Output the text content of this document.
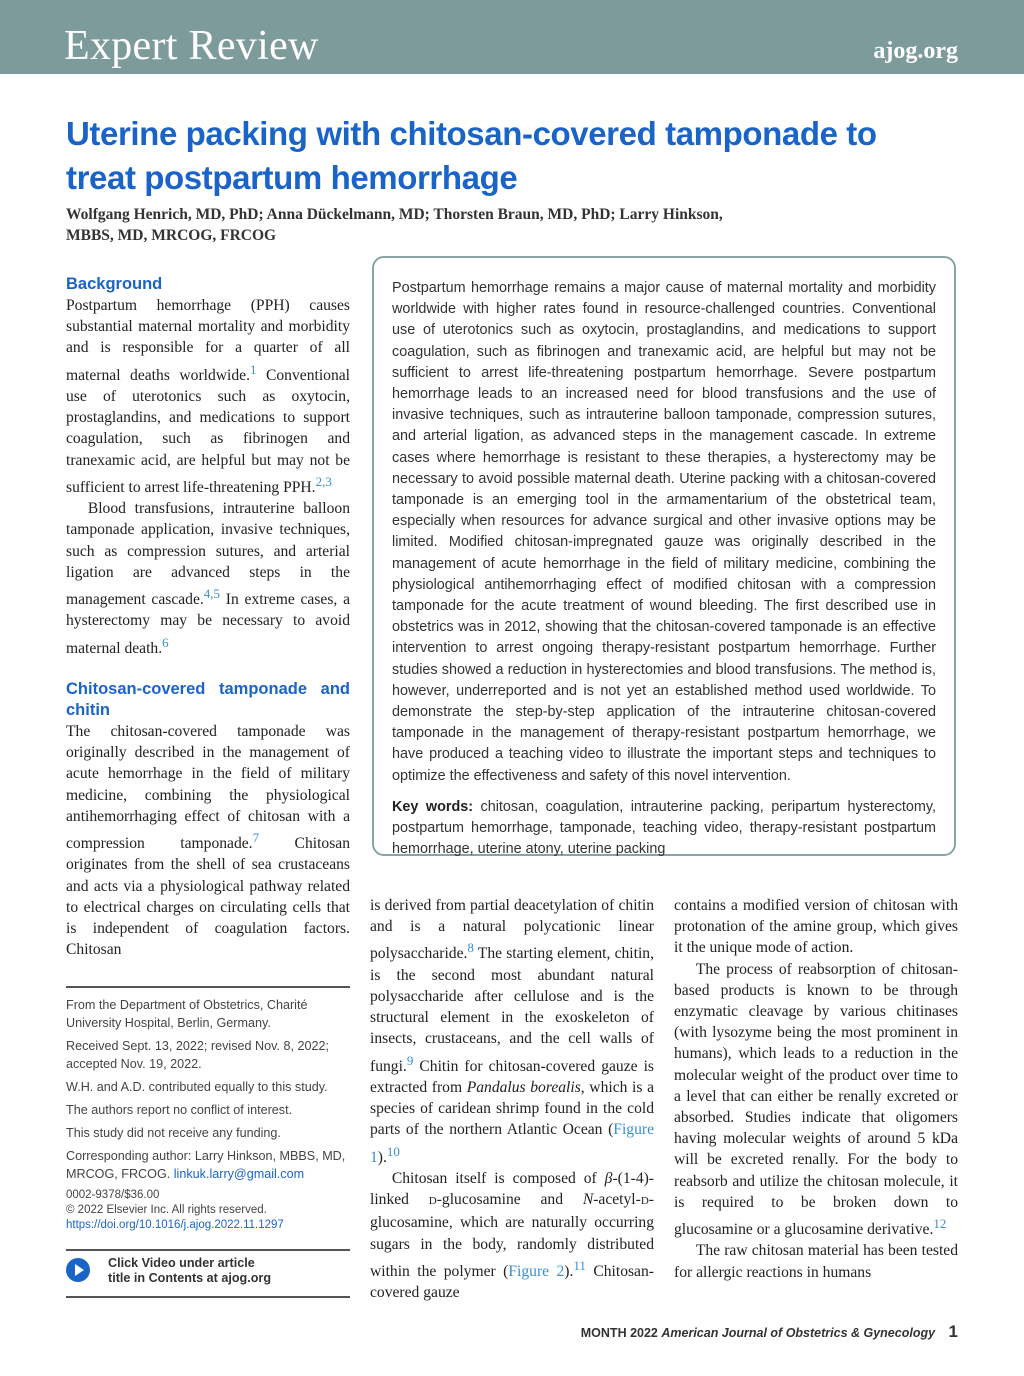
Expert Review	ajog.org
Uterine packing with chitosan-covered tamponade to treat postpartum hemorrhage

Wolfgang Henrich, MD, PhD; Anna Dückelmann, MD; Thorsten Braun, MD, PhD; Larry Hinkson, MBBS, MD, MRCOG, FRCOG

Background

Postpartum hemorrhage (PPH) causes substantial maternal mortality and morbidity and is responsible for a quarter of all maternal deaths worldwide.$^1$ Conventional use of uterotonics such as oxytocin, prostaglandins, and medications to support coagulation, such as fibrinogen and tranexamic acid, are helpful but may not be sufficient to arrest life-threatening PPH.$^{2,3}$

Blood transfusions, intrauterine balloon tamponade application, invasive techniques, such as compression sutures, and arterial ligation are advanced steps in the management cascade.$^{4,5}$ In extreme cases, a hysterectomy may be necessary to avoid maternal death.$^6$

Chitosan-covered tamponade and chitin

The chitosan-covered tamponade was originally described in the management of acute hemorrhage in the field of military medicine, combining the physiological antihemorrhaging effect of chitosan with a compression tamponade.$^7$ Chitosan originates from the shell of sea crustaceans and acts via a physiological pathway related to electrical charges on circulating cells that is independent of coagulation factors. Chitosan

Postpartum hemorrhage remains a major cause of maternal mortality and morbidity worldwide with higher rates found in resource-challenged countries. Conventional use of uterotonics such as oxytocin, prostaglandins, and medications to support coagulation, such as fibrinogen and tranexamic acid, are helpful but may not be sufficient to arrest life-threatening postpartum hemorrhage. Severe postpartum hemorrhage leads to an increased need for blood transfusions and the use of invasive techniques, such as intrauterine balloon tamponade, compression sutures, and arterial ligation, as advanced steps in the management cascade. In extreme cases where hemorrhage is resistant to these therapies, a hysterectomy may be necessary to avoid possible maternal death. Uterine packing with a chitosan-covered tamponade is an emerging tool in the armamentarium of the obstetrical team, especially when resources for advance surgical and other invasive options may be limited. Modified chitosan-impregnated gauze was originally described in the management of acute hemorrhage in the field of military medicine, combining the physiological antihemorrhaging effect of modified chitosan with a compression tamponade for the acute treatment of wound bleeding. The first described use in obstetrics was in 2012, showing that the chitosan-covered tamponade is an effective intervention to arrest ongoing therapy-resistant postpartum hemorrhage. Further studies showed a reduction in hysterectomies and blood transfusions. The method is, however, underreported and is not yet an established method used worldwide. To demonstrate the step-by-step application of the intrauterine chitosan-covered tamponade in the management of therapy-resistant postpartum hemorrhage, we have produced a teaching video to illustrate the important steps and techniques to optimize the effectiveness and safety of this novel intervention.

Key words: chitosan, coagulation, intrauterine packing, peripartum hysterectomy, postpartum hemorrhage, tamponade, teaching video, therapy-resistant postpartum hemorrhage, uterine atony, uterine packing

is derived from partial deacetylation of chitin and is a natural polycationic linear polysaccharide.$^8$ The starting element, chitin, is the second most abundant natural polysaccharide after cellulose and is the structural element in the exoskeleton of insects, crustaceans, and the cell walls of fungi.$^9$ Chitin for chitosan-covered gauze is extracted from Pandalus borealis, which is a species of caridean shrimp found in the cold parts of the northern Atlantic Ocean (Figure 1).$^{10}$

Chitosan itself is composed of β-(1-4)-linked D-glucosamine and N-acetyl-D-glucosamine, which are naturally occurring sugars in the body, randomly distributed within the polymer (Figure 2).$^{11}$ Chitosan-covered gauze

contains a modified version of chitosan with protonation of the amine group, which gives it the unique mode of action.

The process of reabsorption of chitosan-based products is known to be through enzymatic cleavage by various chitinases (with lysozyme being the most prominent in humans), which leads to a reduction in the molecular weight of the product over time to a level that can either be renally excreted or absorbed. Studies indicate that oligomers having molecular weights of around 5 kDa will be excreted renally. For the body to reabsorb and utilize the chitosan molecule, it is required to be broken down to glucosamine or a glucosamine derivative.$^{12}$

The raw chitosan material has been tested for allergic reactions in humans

From the Department of Obstetrics, Charité University Hospital, Berlin, Germany.

Received Sept. 13, 2022; revised Nov. 8, 2022; accepted Nov. 19, 2022.

W.H. and A.D. contributed equally to this study.

The authors report no conflict of interest.

This study did not receive any funding.

Corresponding author: Larry Hinkson, MBBS, MD, MRCOG, FRCOG. linkuk.larry@gmail.com

0002-9378/$36.00
© 2022 Elsevier Inc. All rights reserved.
https://doi.org/10.1016/j.ajog.2022.11.1297
Click Video under article
title in Contents at ajog.org
MONTH 2022 American Journal of Obstetrics & Gynecology 1
